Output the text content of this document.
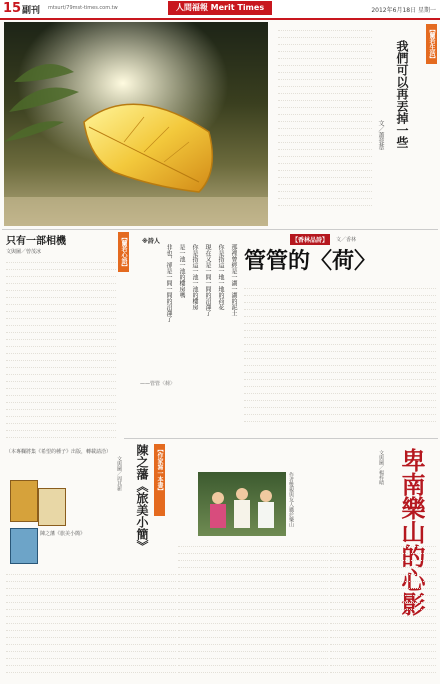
15 副刊 mtsurt/79mst-times.com.tw	人間福報 Merit Times	2012年6月18日 星期一
【蘭若生活】
我們可以再丟掉一些
文／蕭蓉葦
只有一部相機	【蘭若心語】
文與圖／曾茂冰
（本專欄將集《希望的種子》出版，轉載請洽）
※詩人
那裡曾經是一湖一湖的泥土
你是指這一地一地的荷花
現在又是一間一間的沼澤了
你是指這一池一池的樓房
是一池一池的樓房嗎
非也，卻是一間一間的沼澤了
——管管〈荷〉
【香林品詩】	文／香林
管管的〈荷〉
【作家寫一本書】
陳之藩《旅美小簡》
文與圖／周其新
陳之藩《旅美小簡》
作者雙親與友人攝於樂山	卑南樂山的心影
文與圖／楊梓晴
